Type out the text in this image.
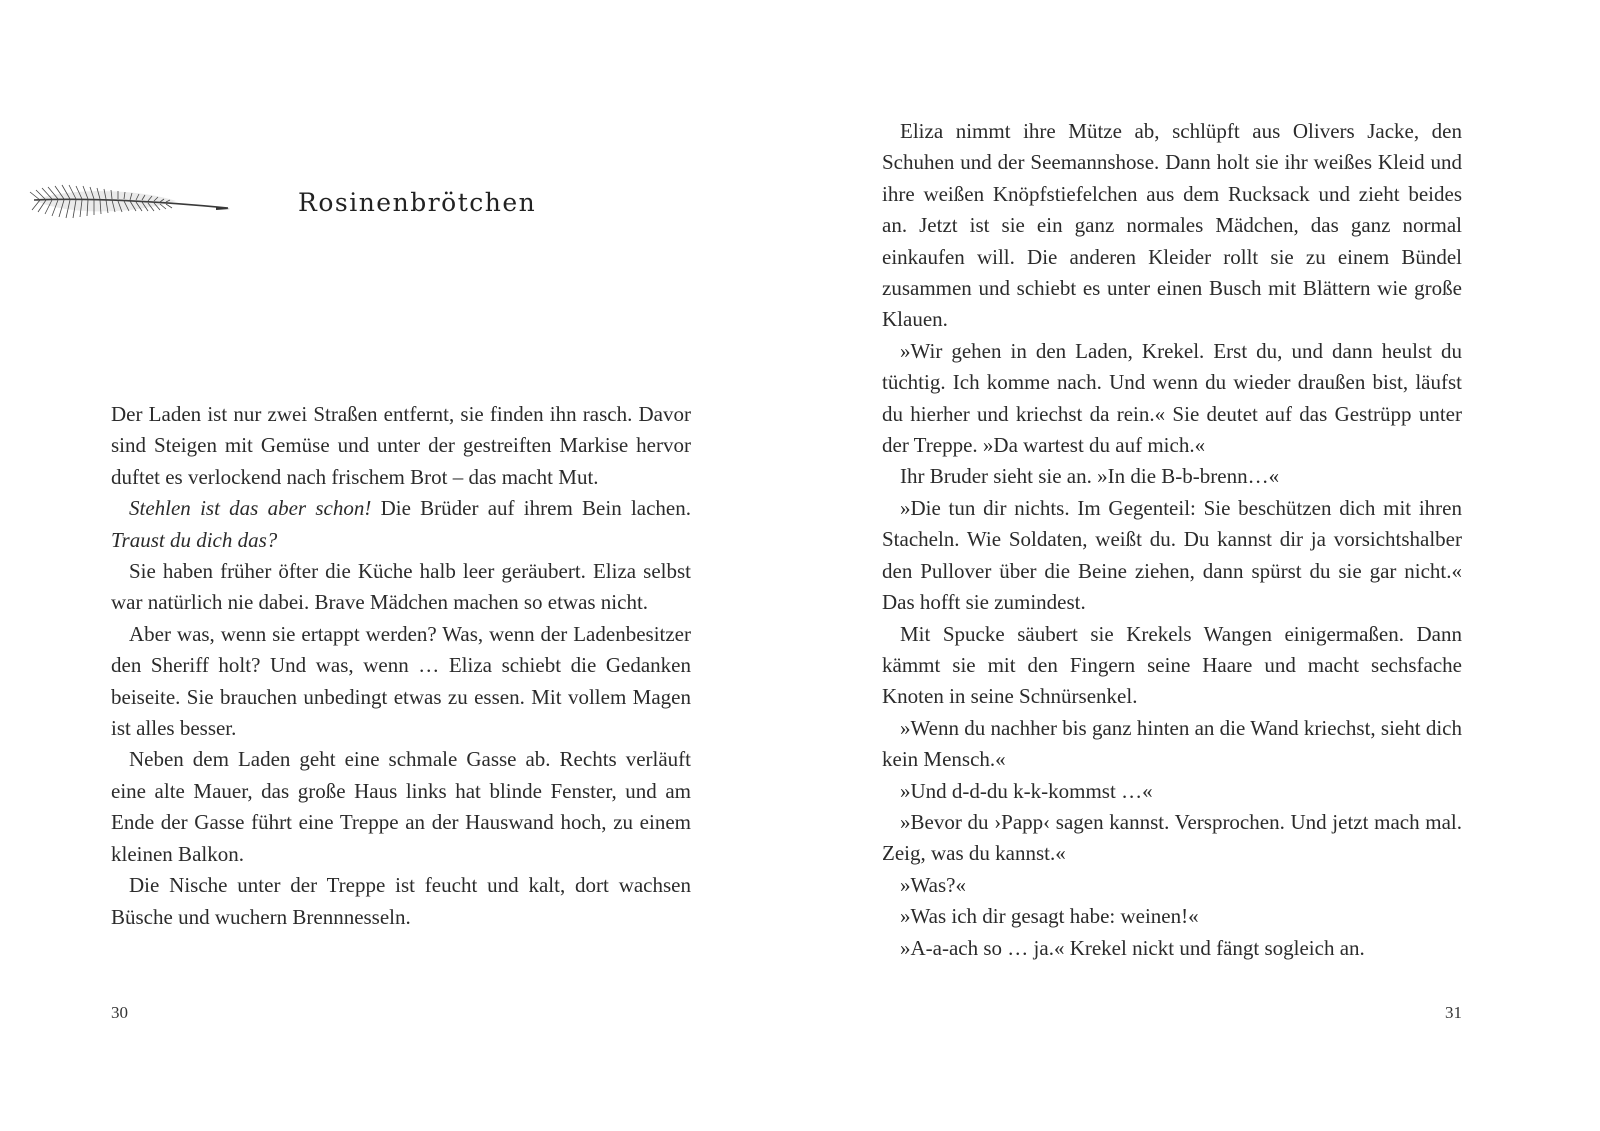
Rosinenbrötchen

Der Laden ist nur zwei Straßen entfernt, sie finden ihn rasch. Davor sind Steigen mit Gemüse und unter der gestreiften Markise hervor duftet es verlockend nach frischem Brot – das macht Mut.

Stehlen ist das aber schon! Die Brüder auf ihrem Bein lachen. Traust du dich das?

Sie haben früher öfter die Küche halb leer geräubert. Eliza selbst war natürlich nie dabei. Brave Mädchen machen so etwas nicht.

Aber was, wenn sie ertappt werden? Was, wenn der Ladenbesitzer den Sheriff holt? Und was, wenn … Eliza schiebt die Gedanken beiseite. Sie brauchen unbedingt etwas zu essen. Mit vollem Magen ist alles besser.

Neben dem Laden geht eine schmale Gasse ab. Rechts verläuft eine alte Mauer, das große Haus links hat blinde Fenster, und am Ende der Gasse führt eine Treppe an der Hauswand hoch, zu einem kleinen Balkon.

Die Nische unter der Treppe ist feucht und kalt, dort wachsen Büsche und wuchern Brennnesseln.

30

Eliza nimmt ihre Mütze ab, schlüpft aus Olivers Jacke, den Schuhen und der Seemannshose. Dann holt sie ihr weißes Kleid und ihre weißen Knöpfstiefelchen aus dem Rucksack und zieht beides an. Jetzt ist sie ein ganz normales Mädchen, das ganz normal einkaufen will. Die anderen Kleider rollt sie zu einem Bündel zusammen und schiebt es unter einen Busch mit Blättern wie große Klauen.

»Wir gehen in den Laden, Krekel. Erst du, und dann heulst du tüchtig. Ich komme nach. Und wenn du wieder draußen bist, läufst du hierher und kriechst da rein.« Sie deutet auf das Gestrüpp unter der Treppe. »Da wartest du auf mich.«

Ihr Bruder sieht sie an. »In die B-b-brenn…«

»Die tun dir nichts. Im Gegenteil: Sie beschützen dich mit ihren Stacheln. Wie Soldaten, weißt du. Du kannst dir ja vorsichtshalber den Pullover über die Beine ziehen, dann spürst du sie gar nicht.« Das hofft sie zumindest.

Mit Spucke säubert sie Krekels Wangen einigermaßen. Dann kämmt sie mit den Fingern seine Haare und macht sechsfache Knoten in seine Schnürsenkel.

»Wenn du nachher bis ganz hinten an die Wand kriechst, sieht dich kein Mensch.«

»Und d-d-du k-k-kommst …«

»Bevor du ›Papp‹ sagen kannst. Versprochen. Und jetzt mach mal. Zeig, was du kannst.«

»Was?«

»Was ich dir gesagt habe: weinen!«

»A-a-ach so … ja.« Krekel nickt und fängt sogleich an.

31
